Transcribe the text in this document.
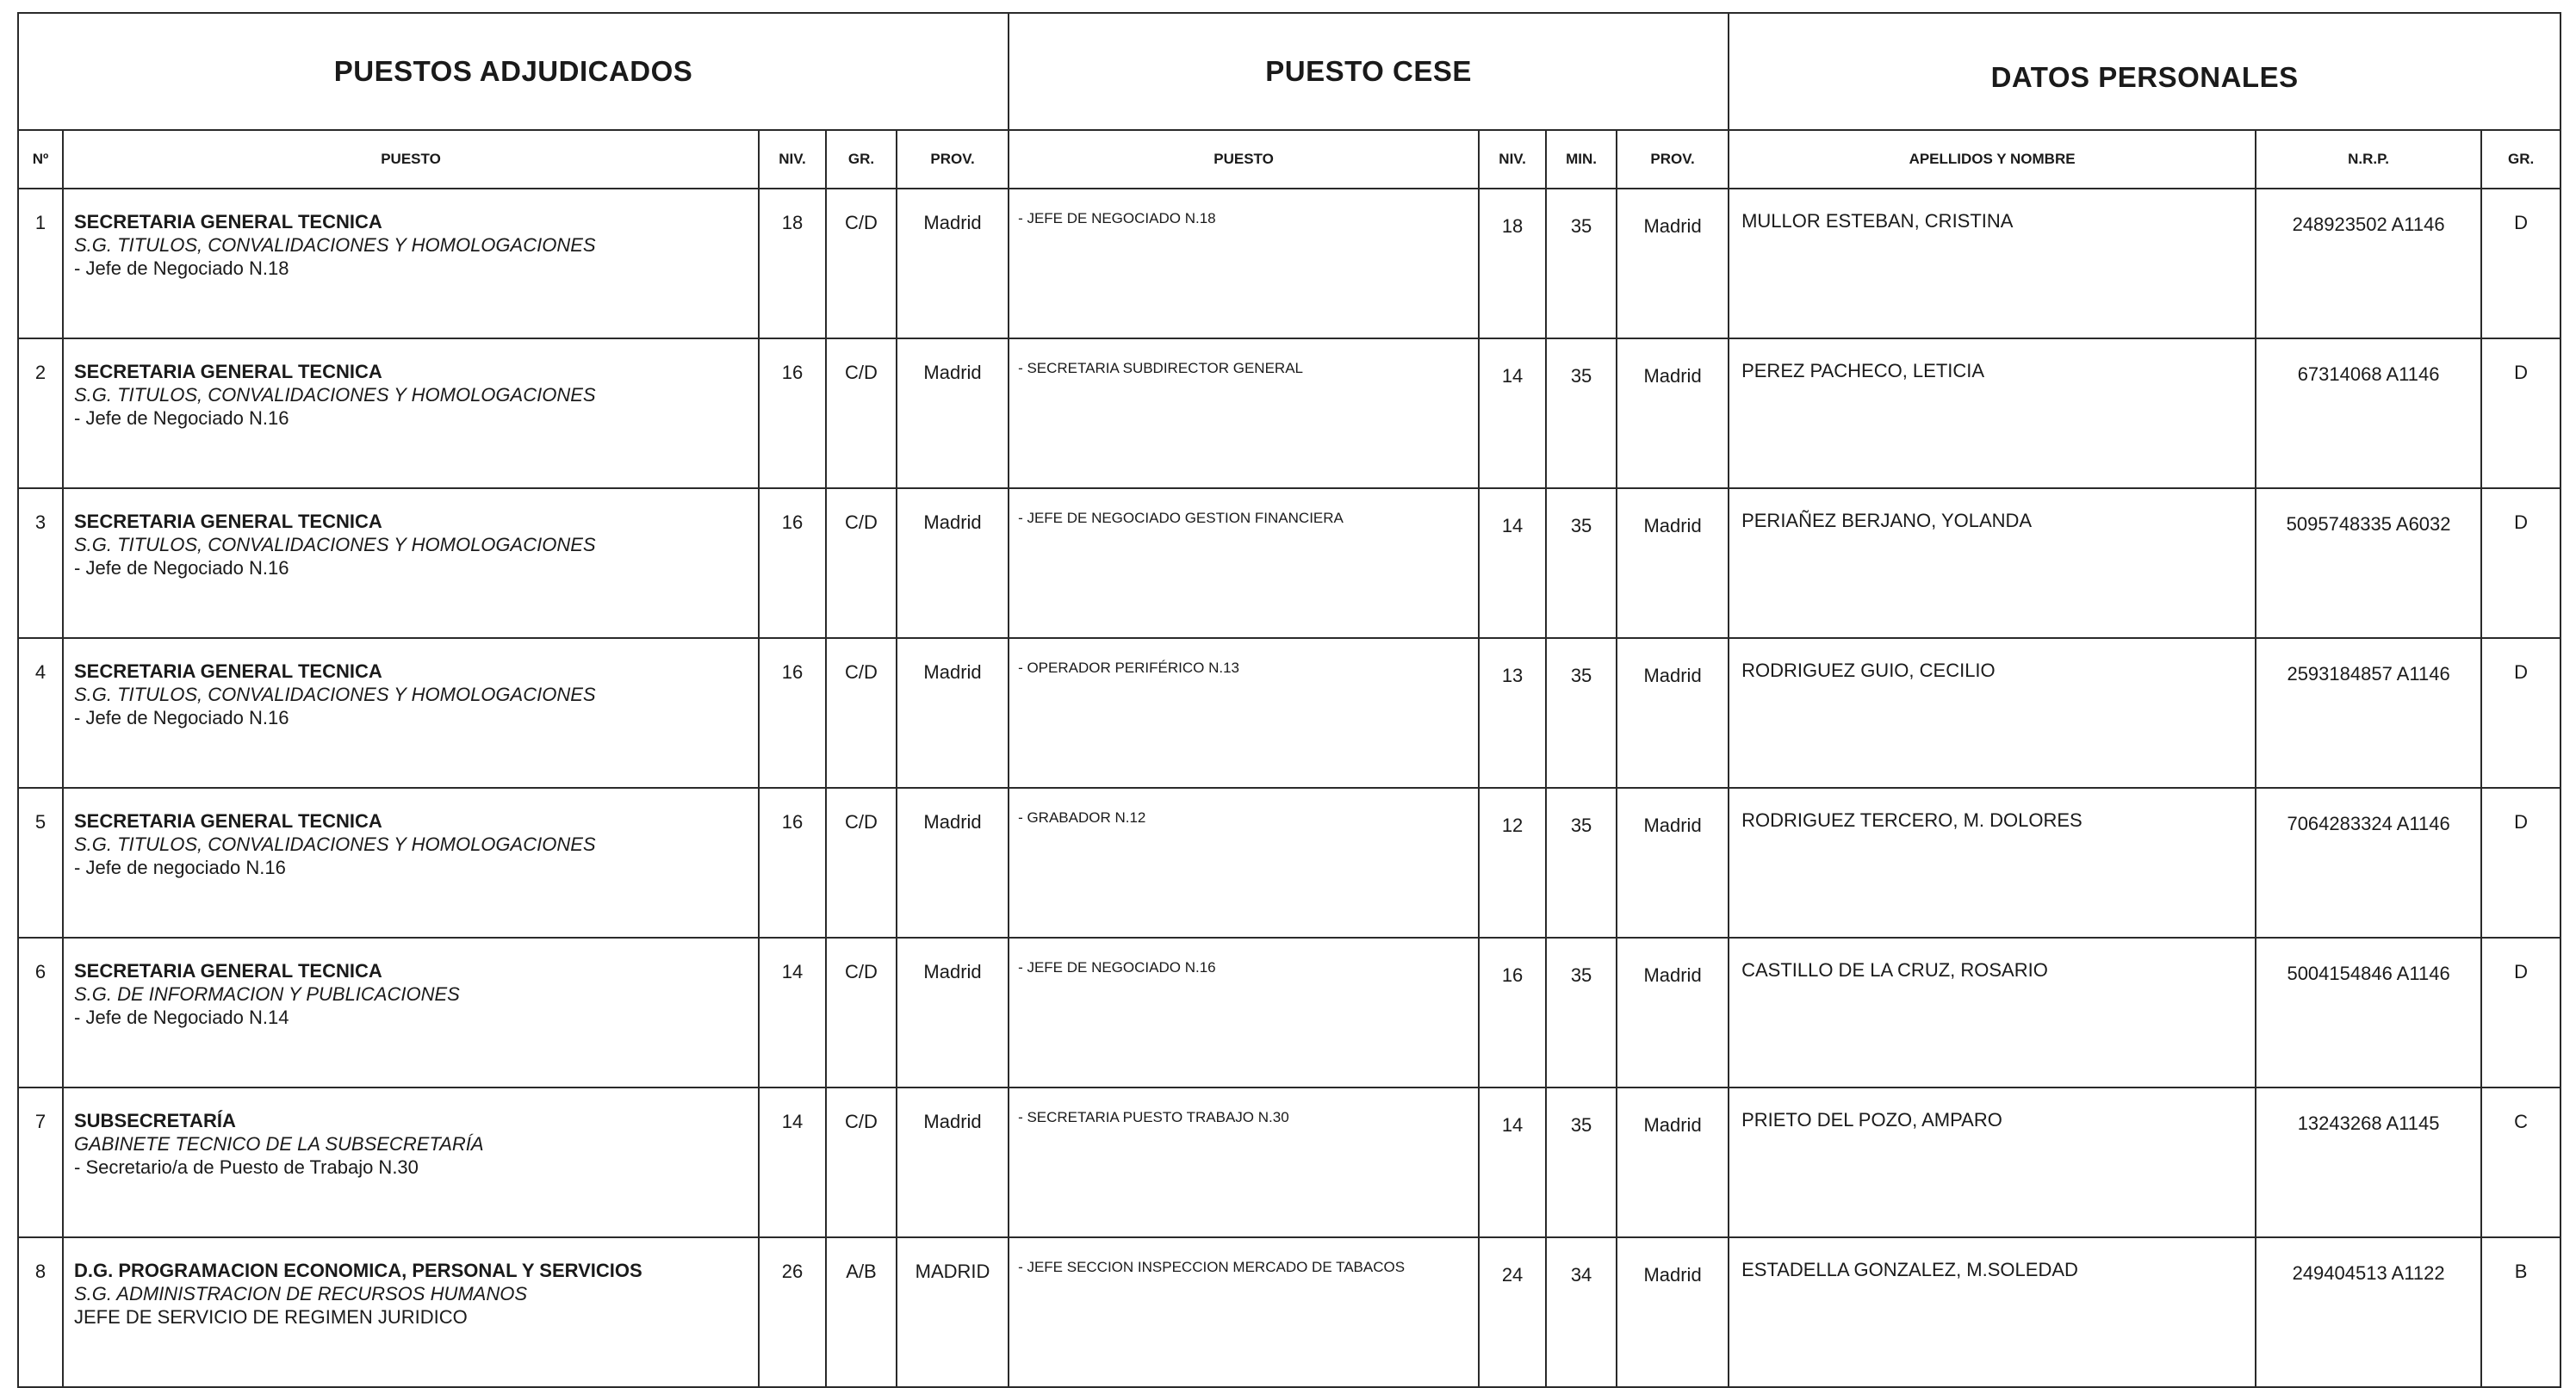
PUESTOS ADJUDICADOS					PUESTO CESE				DATOS PERSONALES		
Nº	PUESTO	NIV.	GR.	PROV.	PUESTO	NIV.	MIN.	PROV.	APELLIDOS Y NOMBRE	N.R.P.	GR.
1	SECRETARIA GENERAL TECNICA
S.G. TITULOS, CONVALIDACIONES Y HOMOLOGACIONES
- Jefe de Negociado N.18	18	C/D	Madrid	- JEFE DE NEGOCIADO N.18	18	35	Madrid	MULLOR ESTEBAN, CRISTINA	248923502 A1146	D
2	SECRETARIA GENERAL TECNICA
S.G. TITULOS, CONVALIDACIONES Y HOMOLOGACIONES
- Jefe de Negociado N.16	16	C/D	Madrid	- SECRETARIA SUBDIRECTOR GENERAL	14	35	Madrid	PEREZ PACHECO, LETICIA	67314068 A1146	D
3	SECRETARIA GENERAL TECNICA
S.G. TITULOS, CONVALIDACIONES Y HOMOLOGACIONES
- Jefe de Negociado N.16	16	C/D	Madrid	- JEFE DE NEGOCIADO GESTION FINANCIERA	14	35	Madrid	PERIAÑEZ BERJANO, YOLANDA	5095748335 A6032	D
4	SECRETARIA GENERAL TECNICA
S.G. TITULOS, CONVALIDACIONES Y HOMOLOGACIONES
- Jefe de Negociado N.16	16	C/D	Madrid	- OPERADOR PERIFÉRICO N.13	13	35	Madrid	RODRIGUEZ GUIO, CECILIO	2593184857 A1146	D
5	SECRETARIA GENERAL TECNICA
S.G. TITULOS, CONVALIDACIONES Y HOMOLOGACIONES
- Jefe de negociado N.16	16	C/D	Madrid	- GRABADOR N.12	12	35	Madrid	RODRIGUEZ TERCERO, M. DOLORES	7064283324 A1146	D
6	SECRETARIA GENERAL TECNICA
S.G. DE INFORMACION Y PUBLICACIONES
- Jefe de Negociado N.14	14	C/D	Madrid	- JEFE DE NEGOCIADO N.16	16	35	Madrid	CASTILLO DE LA CRUZ, ROSARIO	5004154846 A1146	D
7	SUBSECRETARÍA
GABINETE TECNICO DE LA SUBSECRETARÍA
- Secretario/a de Puesto de Trabajo N.30	14	C/D	Madrid	- SECRETARIA PUESTO TRABAJO N.30	14	35	Madrid	PRIETO DEL POZO, AMPARO	13243268 A1145	C
8	D.G. PROGRAMACION ECONOMICA, PERSONAL Y SERVICIOS
S.G. ADMINISTRACION DE RECURSOS HUMANOS
JEFE DE SERVICIO DE REGIMEN JURIDICO	26	A/B	MADRID	- JEFE SECCION INSPECCION MERCADO DE TABACOS	24	34	Madrid	ESTADELLA GONZALEZ, M.SOLEDAD	249404513 A1122	B
